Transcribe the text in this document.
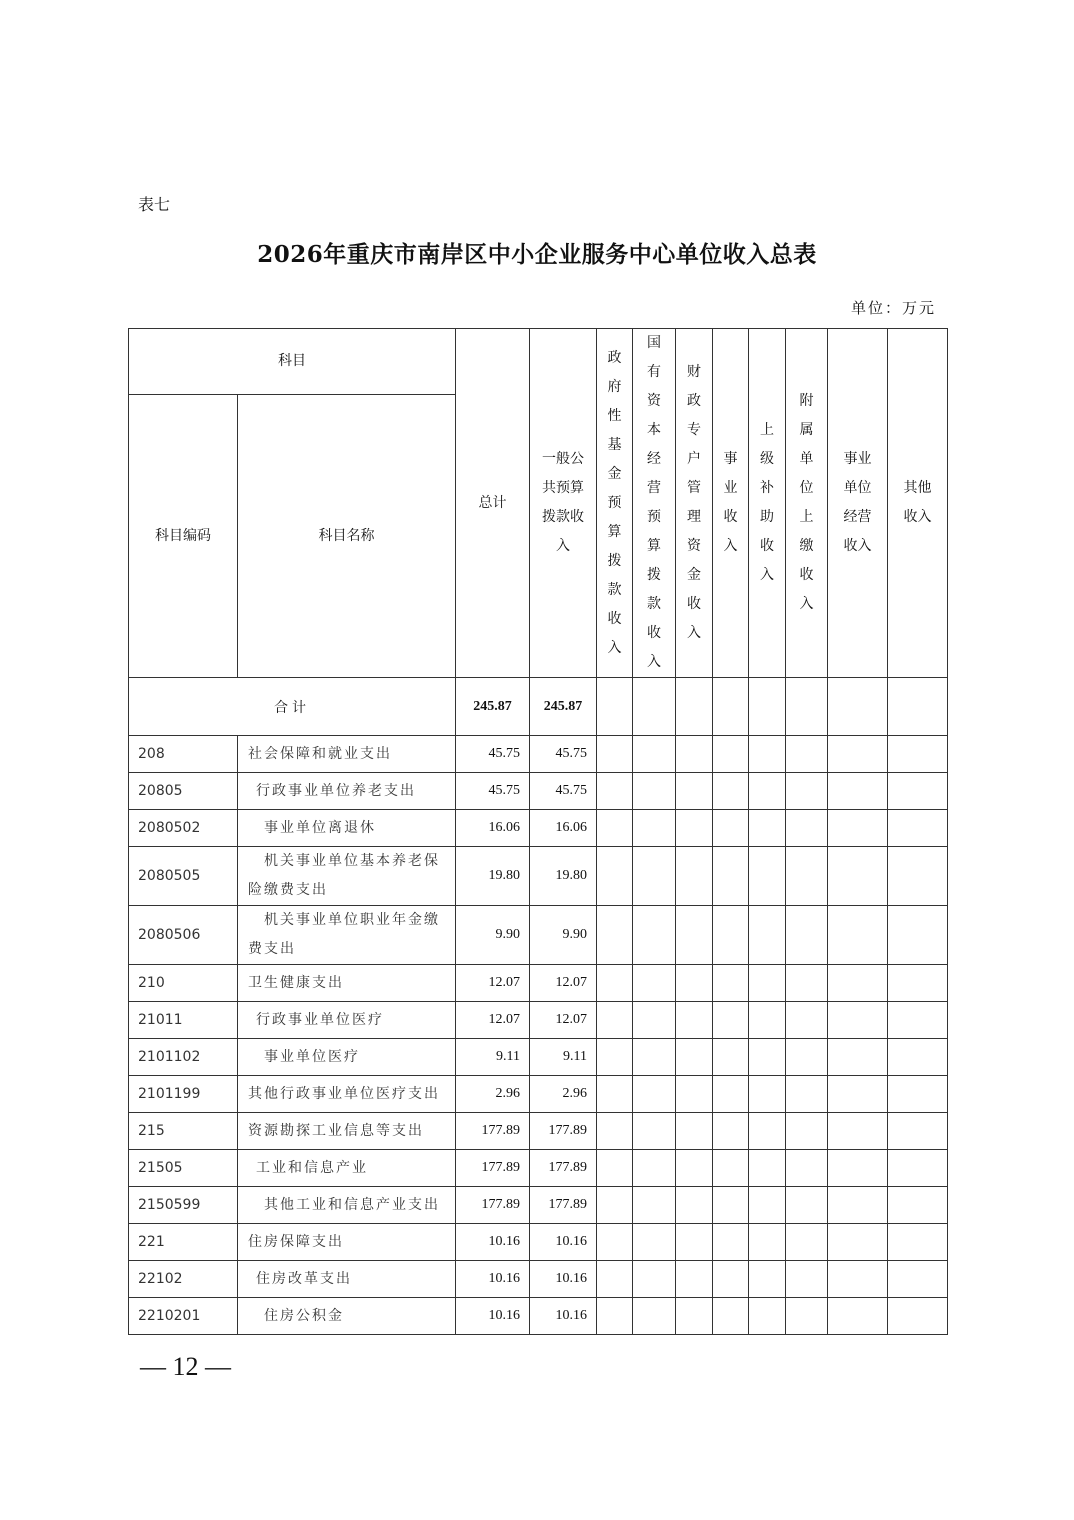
表七
2026年重庆市南岸区中小企业服务中心单位收入总表
单位：万元
科目		总计	一般公共预算拨款收入	政府性基金预算拨款收入	国有资本经营预算拨款收入	财政专户管理资金收入	事业收入	上级补助收入	附属单位上缴收入	事业单位经营收入	其他收入
科目编码	科目名称										
合计		245.87	245.87								
208	社会保障和就业支出	45.75	45.75								
20805	行政事业单位养老支出	45.75	45.75								
2080502	事业单位离退休	16.06	16.06								
2080505	机关事业单位基本养老保险缴费支出	19.80	19.80								
2080506	机关事业单位职业年金缴费支出	9.90	9.90								
210	卫生健康支出	12.07	12.07								
21011	行政事业单位医疗	12.07	12.07								
2101102	事业单位医疗	9.11	9.11								
2101199	其他行政事业单位医疗支出	2.96	2.96								
215	资源勘探工业信息等支出	177.89	177.89								
21505	工业和信息产业	177.89	177.89								
2150599	其他工业和信息产业支出	177.89	177.89								
221	住房保障支出	10.16	10.16								
22102	住房改革支出	10.16	10.16								
2210201	住房公积金	10.16	10.16								
— 12 —
